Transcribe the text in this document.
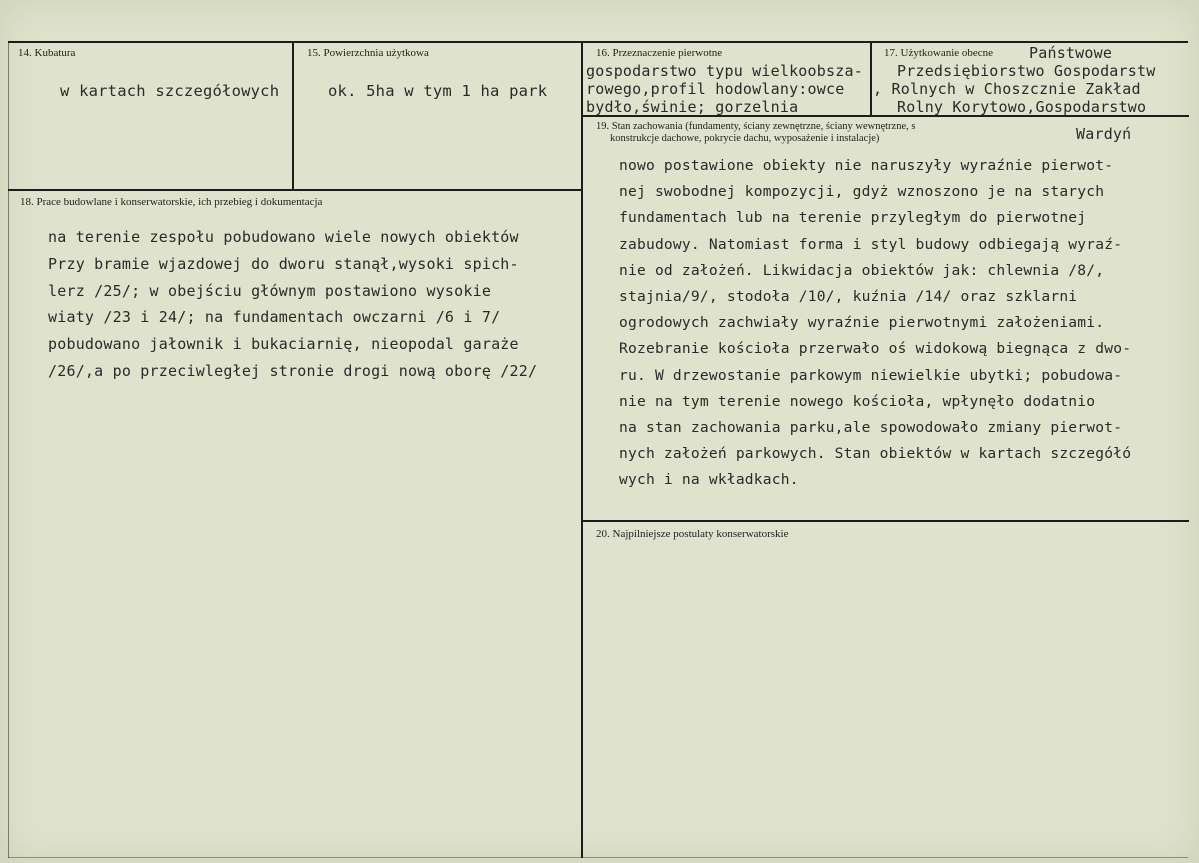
14. Kubatura
w kartach szczegółowych
15. Powierzchnia użytkowa
ok. 5ha w tym 1 ha park
16. Przeznaczenie pierwotne
gospodarstwo typu wielkoobsza-
rowego,profil hodowlany:owce
bydło,świnie; gorzelnia
17. Użytkowanie obecne Państwowe
Przedsiębiorstwo Gospodarstw
, Rolnych w Choszcznie Zakład
Rolny Korytowo,Gospodarstwo
Wardyń
19. Stan zachowania (fundamenty, ściany zewnętrzne, ściany wewnętrzne, s
konstrukcje dachowe, pokrycie dachu, wyposażenie i instalacje)
nowo postawione obiekty nie naruszyły wyraźnie pierwot-
nej swobodnej kompozycji, gdyż wznoszono je na starych
fundamentach lub na terenie przyległym do pierwotnej
zabudowy. Natomiast forma i styl budowy odbiegają wyraź-
nie od założeń. Likwidacja obiektów jak: chlewnia /8/,
stajnia/9/, stodoła /10/, kuźnia /14/ oraz szklarni
ogrodowych zachwiały wyraźnie pierwotnymi założeniami.
Rozebranie kościoła przerwało oś widokową biegnąca z dwo-
ru. W drzewostanie parkowym niewielkie ubytki; pobudowa-
nie na tym terenie nowego kościoła, wpłynęło dodatnio
na stan zachowania parku,ale spowodowało zmiany pierwot-
nych założeń parkowych. Stan obiektów w kartach szczegółó
wych i na wkładkach.
18. Prace budowlane i konserwatorskie, ich przebieg i dokumentacja
na terenie zespołu pobudowano wiele nowych obiektów
Przy bramie wjazdowej do dworu stanął,wysoki spich-
lerz /25/; w obejściu głównym postawiono wysokie
wiaty /23 i 24/; na fundamentach owczarni /6 i 7/
pobudowano jałownik i bukaciarnię, nieopodal garaże
/26/,a po przeciwległej stronie drogi nową oborę /22/
20. Najpilniejsze postulaty konserwatorskie
